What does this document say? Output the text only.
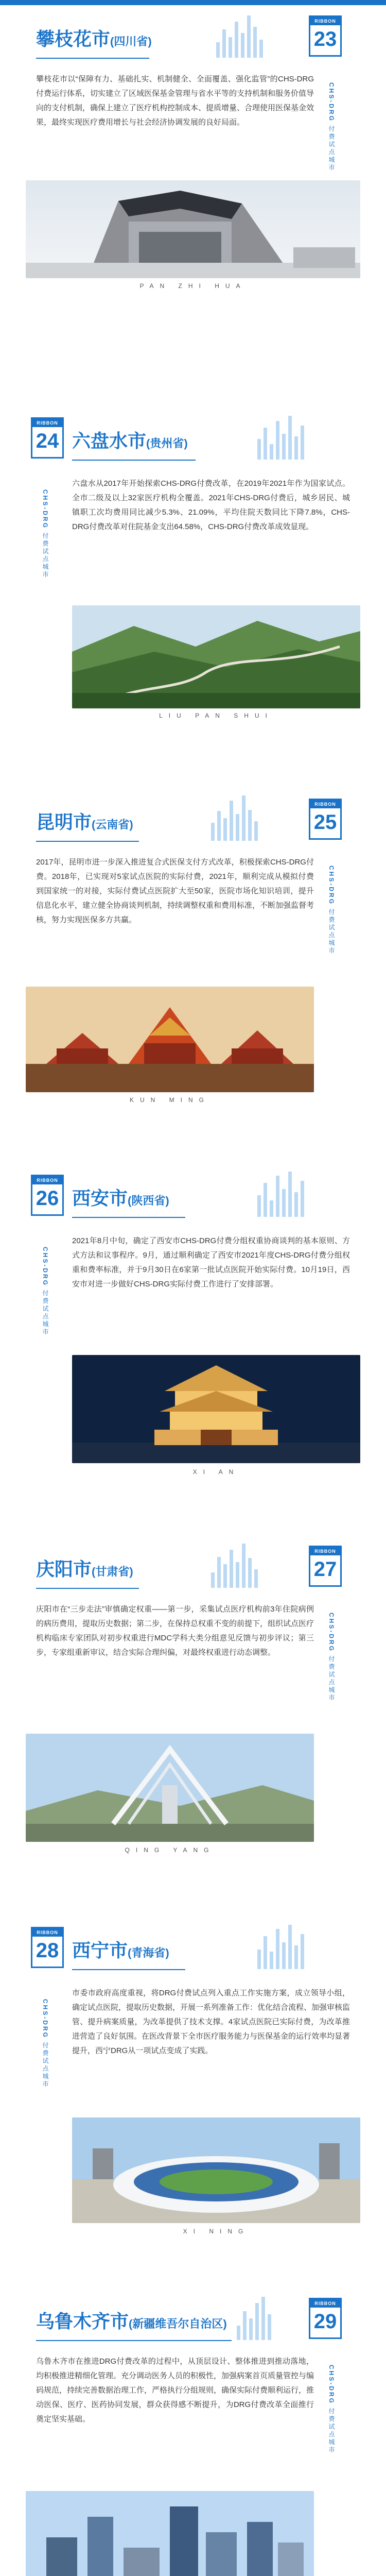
攀枝花市(四川省)
RIBBON
23
CHS-DRG 付费试点城市
攀枝花市以“保障有力、基础扎实、机制健全、全面覆盖、强化监管”的CHS-DRG付费运行体系，切实建立了区域医保基金管理与省水平等的支持机制和服务价值导向的支付机制，确保上建立了医疗机构控制成本、提质增量、合理使用医保基金效果，最终实现医疗费用增长与社会经济协调发展的良好局面。
PAN ZHI HUA
RIBBON
24 六盘水市(贵州省)
CHS-DRG 付费试点城市
六盘水从2017年开始探索CHS-DRG付费改革，在2019年2021年作为国家试点。全市二级及以上32家医疗机构全覆盖。2021年CHS-DRG付费后，城乡居民、城镇职工次均费用同比减少5.3%、21.09%，平均住院天数同比下降7.8%，CHS-DRG付费改革对住院基金支出64.58%，CHS-DRG付费改革成效显现。
LIU PAN SHUI
昆明市(云南省)
RIBBON
25
CHS-DRG 付费试点城市
2017年，昆明市进一步深入推进复合式医保支付方式改革，积极探索CHS-DRG付费。2018年，已实现对5家试点医院的实际付费，2021年，顺利完成从模拟付费到国家统一的对接，实际付费试点医院扩大至50家，医院市场化知识培训，提升信息化水平，建立健全协商谈判机制，持续调整权重和费用标准，不断加强监督考核，努力实现医保多方共赢。
KUN MING
RIBBON
26 西安市(陕西省)
CHS-DRG 付费试点城市
2021年8月中旬，确定了西安市CHS-DRG付费分组权重协商谈判的基本原则、方式方法和议事程序。9月，通过顺利确定了西安市2021年度CHS-DRG付费分组权重和费率标准，并于9月30日在6家第一批试点医院开始实际付费。10月19日，西安市对进一步做好CHS-DRG实际付费工作进行了安排部署。
XI AN
庆阳市(甘肃省)
RIBBON
27
CHS-DRG 付费试点城市
庆阳市在“三步走法”审慎确定权重——第一步，采集试点医疗机构前3年住院病例的病历费用，提取历史数据；第二步，在保持总权重不变的前提下，组织试点医疗机构临床专家团队对初步权重进行MDC学科大类分组意见反馈与初步评议；第三步，专家组重新审议，结合实际合理纠偏，对最终权重进行动态调整。
QING YANG
RIBBON
28 西宁市(青海省)
CHS-DRG 付费试点城市
市委市政府高度重视，将DRG付费试点列入重点工作实施方案，成立领导小组，确定试点医院，提取历史数据，开展一系列准备工作：优化结合流程、加强审核监管、提升病案质量，为改革提供了技术支撑。4家试点医院已实际付费，为改革推进营造了良好氛围。在医改背景下全市医疗服务能力与医保基金的运行效率均显著提升，西宁DRG从一项试点变成了实践。
XI NING
乌鲁木齐市(新疆维吾尔自治区)
RIBBON
29
CHS-DRG 付费试点城市
乌鲁木齐市在推进DRG付费改革的过程中，从顶层设计、整体推进到推动落地，均积极推进精细化管理。充分调动医务人员的积极性，加强病案首页质量管控与编码规范，持续完善数据治理工作，严格执行分组规则，确保实际付费顺利运行，推动医保、医疗、医药协同发展，群众获得感不断提升，为DRG付费改革全面推行奠定坚实基础。
